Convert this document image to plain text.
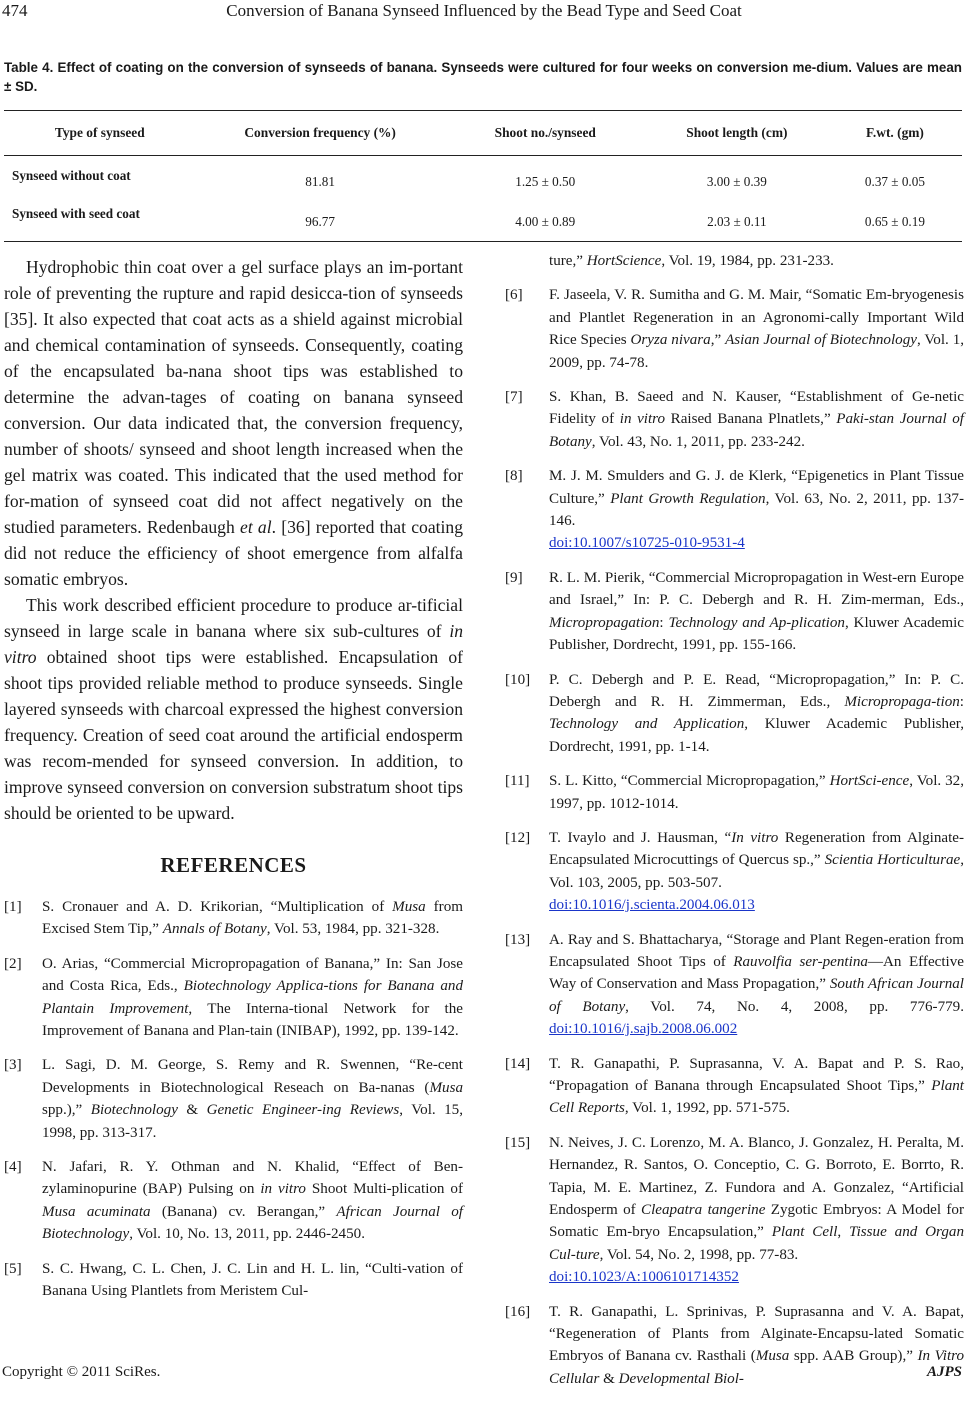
474	Conversion of Banana Synseed Influenced by the Bead Type and Seed Coat
Table 4. Effect of coating on the conversion of synseeds of banana. Synseeds were cultured for four weeks on conversion me-dium. Values are mean ± SD.
Type of synseed	Conversion frequency (%)	Shoot no./synseed	Shoot length (cm)	F.wt. (gm)
Synseed without coat	81.81	1.25 ± 0.50	3.00 ± 0.39	0.37 ± 0.05
Synseed with seed coat	96.77	4.00 ± 0.89	2.03 ± 0.11	0.65 ± 0.19

Hydrophobic thin coat over a gel surface plays an im-portant role of preventing the rupture and rapid desicca-tion of synseeds [35]. It also expected that coat acts as a shield against microbial and chemical contamination of synseeds. Consequently, coating of the encapsulated ba-nana shoot tips was established to determine the advan-tages of coating on banana synseed conversion. Our data indicated that, the conversion frequency, number of shoots/ synseed and shoot length increased when the gel matrix was coated. This indicated that the used method for for-mation of synseed coat did not affect negatively on the studied parameters. Redenbaugh et al. [36] reported that coating did not reduce the efficiency of shoot emergence from alfalfa somatic embryos.

This work described efficient procedure to produce ar-tificial synseed in large scale in banana where six sub-cultures of in vitro obtained shoot tips were established. Encapsulation of shoot tips provided reliable method to produce synseeds. Single layered synseeds with charcoal expressed the highest conversion frequency. Creation of seed coat around the artificial endosperm was recom-mended for synseed conversion. In addition, to improve synseed conversion on conversion substratum shoot tips should be oriented to be upward.

REFERENCES
[1]	S. Cronauer and A. D. Krikorian, “Multiplication of Musa from Excised Stem Tip,” Annals of Botany, Vol. 53, 1984, pp. 321-328.
[2]	O. Arias, “Commercial Micropropagation of Banana,” In: San Jose and Costa Rica, Eds., Biotechnology Applica-tions for Banana and Plantain Improvement, The Interna-tional Network for the Improvement of Banana and Plan-tain (INIBAP), 1992, pp. 139-142.
[3]	L. Sagi, D. M. George, S. Remy and R. Swennen, “Re-cent Developments in Biotechnological Reseach on Ba-nanas (Musa spp.),” Biotechnology & Genetic Engineer-ing Reviews, Vol. 15, 1998, pp. 313-317.
[4]	N. Jafari, R. Y. Othman and N. Khalid, “Effect of Ben-zylaminopurine (BAP) Pulsing on in vitro Shoot Multi-plication of Musa acuminata (Banana) cv. Berangan,” African Journal of Biotechnology, Vol. 10, No. 13, 2011, pp. 2446-2450.
[5]	S. C. Hwang, C. L. Chen, J. C. Lin and H. L. lin, “Culti-vation of Banana Using Plantlets from Meristem Cul-
ture,” HortScience, Vol. 19, 1984, pp. 231-233.
[6]	F. Jaseela, V. R. Sumitha and G. M. Mair, “Somatic Em-bryogenesis and Plantlet Regeneration in an Agronomi-cally Important Wild Rice Species Oryza nivara,” Asian Journal of Biotechnology, Vol. 1, 2009, pp. 74-78.
[7]	S. Khan, B. Saeed and N. Kauser, “Establishment of Ge-netic Fidelity of in vitro Raised Banana Plnatlets,” Paki-stan Journal of Botany, Vol. 43, No. 1, 2011, pp. 233-242.
[8]	M. J. M. Smulders and G. J. de Klerk, “Epigenetics in Plant Tissue Culture,” Plant Growth Regulation, Vol. 63, No. 2, 2011, pp. 137-146.
doi:10.1007/s10725-010-9531-4
[9]	R. L. M. Pierik, “Commercial Micropropagation in West-ern Europe and Israel,” In: P. C. Debergh and R. H. Zim-merman, Eds., Micropropagation: Technology and Ap-plication, Kluwer Academic Publisher, Dordrecht, 1991, pp. 155-166.
[10]	P. C. Debergh and P. E. Read, “Micropropagation,” In: P. C. Debergh and R. H. Zimmerman, Eds., Micropropaga-tion: Technology and Application, Kluwer Academic Publisher, Dordrecht, 1991, pp. 1-14.
[11]	S. L. Kitto, “Commercial Micropropagation,” HortSci-ence, Vol. 32, 1997, pp. 1012-1014.
[12]	T. Ivaylo and J. Hausman, “In vitro Regeneration from Alginate-Encapsulated Microcuttings of Quercus sp.,” Scientia Horticulturae, Vol. 103, 2005, pp. 503-507.
doi:10.1016/j.scienta.2004.06.013
[13]	A. Ray and S. Bhattacharya, “Storage and Plant Regen-eration from Encapsulated Shoot Tips of Rauvolfia ser-pentina―An Effective Way of Conservation and Mass Propagation,” South African Journal of Botany, Vol. 74, No. 4, 2008, pp. 776-779. doi:10.1016/j.sajb.2008.06.002
[14]	T. R. Ganapathi, P. Suprasanna, V. A. Bapat and P. S. Rao, “Propagation of Banana through Encapsulated Shoot Tips,” Plant Cell Reports, Vol. 1, 1992, pp. 571-575.
[15]	N. Neives, J. C. Lorenzo, M. A. Blanco, J. Gonzalez, H. Peralta, M. Hernandez, R. Santos, O. Conceptio, C. G. Borroto, E. Borrto, R. Tapia, M. E. Martinez, Z. Fundora and A. Gonzalez, “Artificial Endosperm of Cleapatra tangerine Zygotic Embryos: A Model for Somatic Em-bryo Encapsulation,” Plant Cell, Tissue and Organ Cul-ture, Vol. 54, No. 2, 1998, pp. 77-83.
doi:10.1023/A:1006101714352
[16]	T. R. Ganapathi, L. Sprinivas, P. Suprasanna and V. A. Bapat, “Regeneration of Plants from Alginate-Encapsu-lated Somatic Embryos of Banana cv. Rasthali (Musa spp. AAB Group),” In Vitro Cellular & Developmental Biol-
Copyright © 2011 SciRes.	AJPS
